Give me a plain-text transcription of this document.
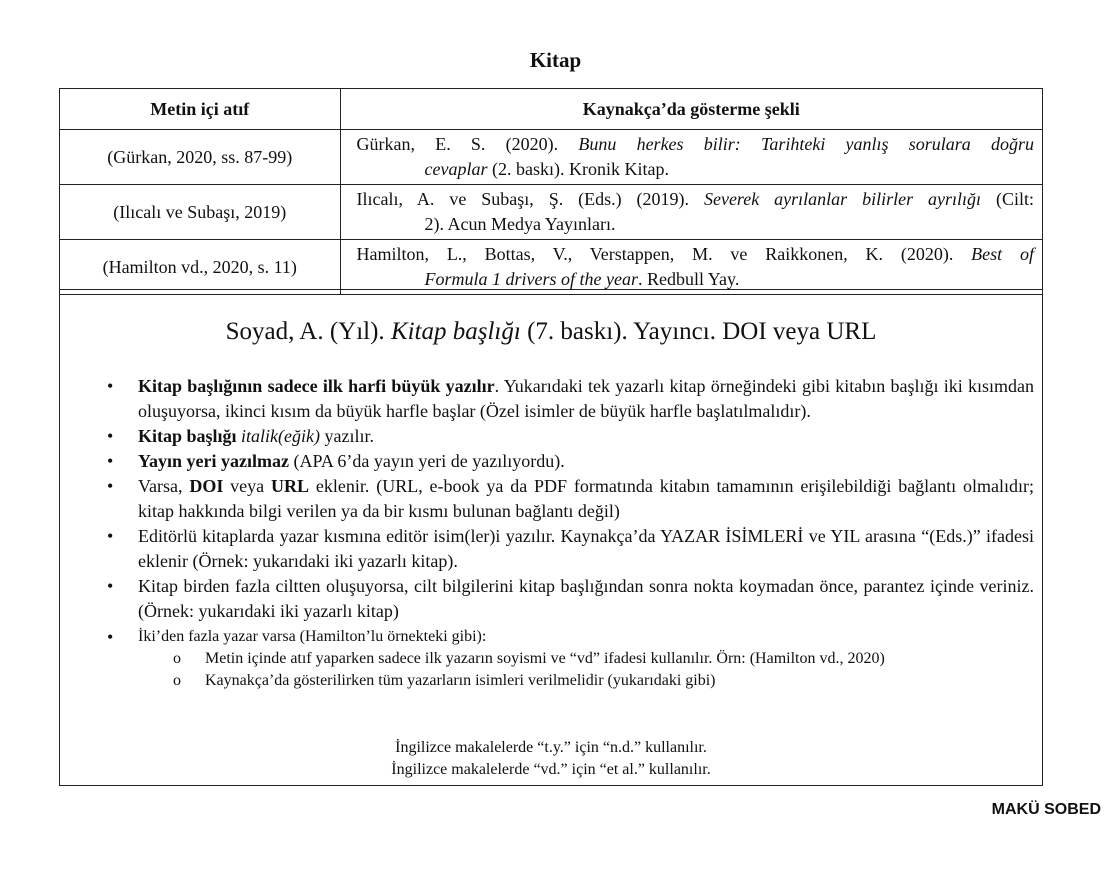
Kitap
Metin içi atıf	Kaynakça’da gösterme şekli
(Gürkan, 2020, ss. 87-99)	Gürkan, E. S. (2020). Bunu herkes bilir: Tarihteki yanlış sorulara doğru
cevaplar (2. baskı). Kronik Kitap.

(Ilıcalı ve Subaşı, 2019)	Ilıcalı, A. ve Subaşı, Ş. (Eds.) (2019). Severek ayrılanlar bilirler ayrılığı (Cilt:
2). Acun Medya Yayınları.

(Hamilton vd., 2020, s. 11)	Hamilton, L., Bottas, V., Verstappen, M. ve Raikkonen, K. (2020). Best of
Formula 1 drivers of the year. Redbull Yay.
Soyad, A. (Yıl). Kitap başlığı (7. baskı). Yayıncı. DOI veya URL
• Kitap başlığının sadece ilk harfi büyük yazılır. Yukarıdaki tek yazarlı kitap örneğindeki gibi kitabın başlığı iki kısımdan oluşuyorsa, ikinci kısım da büyük harfle başlar (Özel isimler de büyük harfle başlatılmalıdır).
• Kitap başlığı italik(eğik) yazılır.
• Yayın yeri yazılmaz (APA 6’da yayın yeri de yazılıyordu).
• Varsa, DOI veya URL eklenir. (URL, e-book ya da PDF formatında kitabın tamamının erişilebildiği bağlantı olmalıdır; kitap hakkında bilgi verilen ya da bir kısmı bulunan bağlantı değil)
• Editörlü kitaplarda yazar kısmına editör isim(ler)i yazılır. Kaynakça’da YAZAR İSİMLERİ ve YIL arasına “(Eds.)” ifadesi eklenir (Örnek: yukarıdaki iki yazarlı kitap).
• Kitap birden fazla ciltten oluşuyorsa, cilt bilgilerini kitap başlığından sonra nokta koymadan önce, parantez içinde veriniz. (Örnek: yukarıdaki iki yazarlı kitap)
• İki’den fazla yazar varsa (Hamilton’lu örnekteki gibi):
o Metin içinde atıf yaparken sadece ilk yazarın soyismi ve “vd” ifadesi kullanılır. Örn: (Hamilton vd., 2020)
o Kaynakça’da gösterilirken tüm yazarların isimleri verilmelidir (yukarıdaki gibi)
İngilizce makalelerde “t.y.” için “n.d.” kullanılır.
İngilizce makalelerde “vd.” için “et al.” kullanılır.
MAKÜ SOBED
